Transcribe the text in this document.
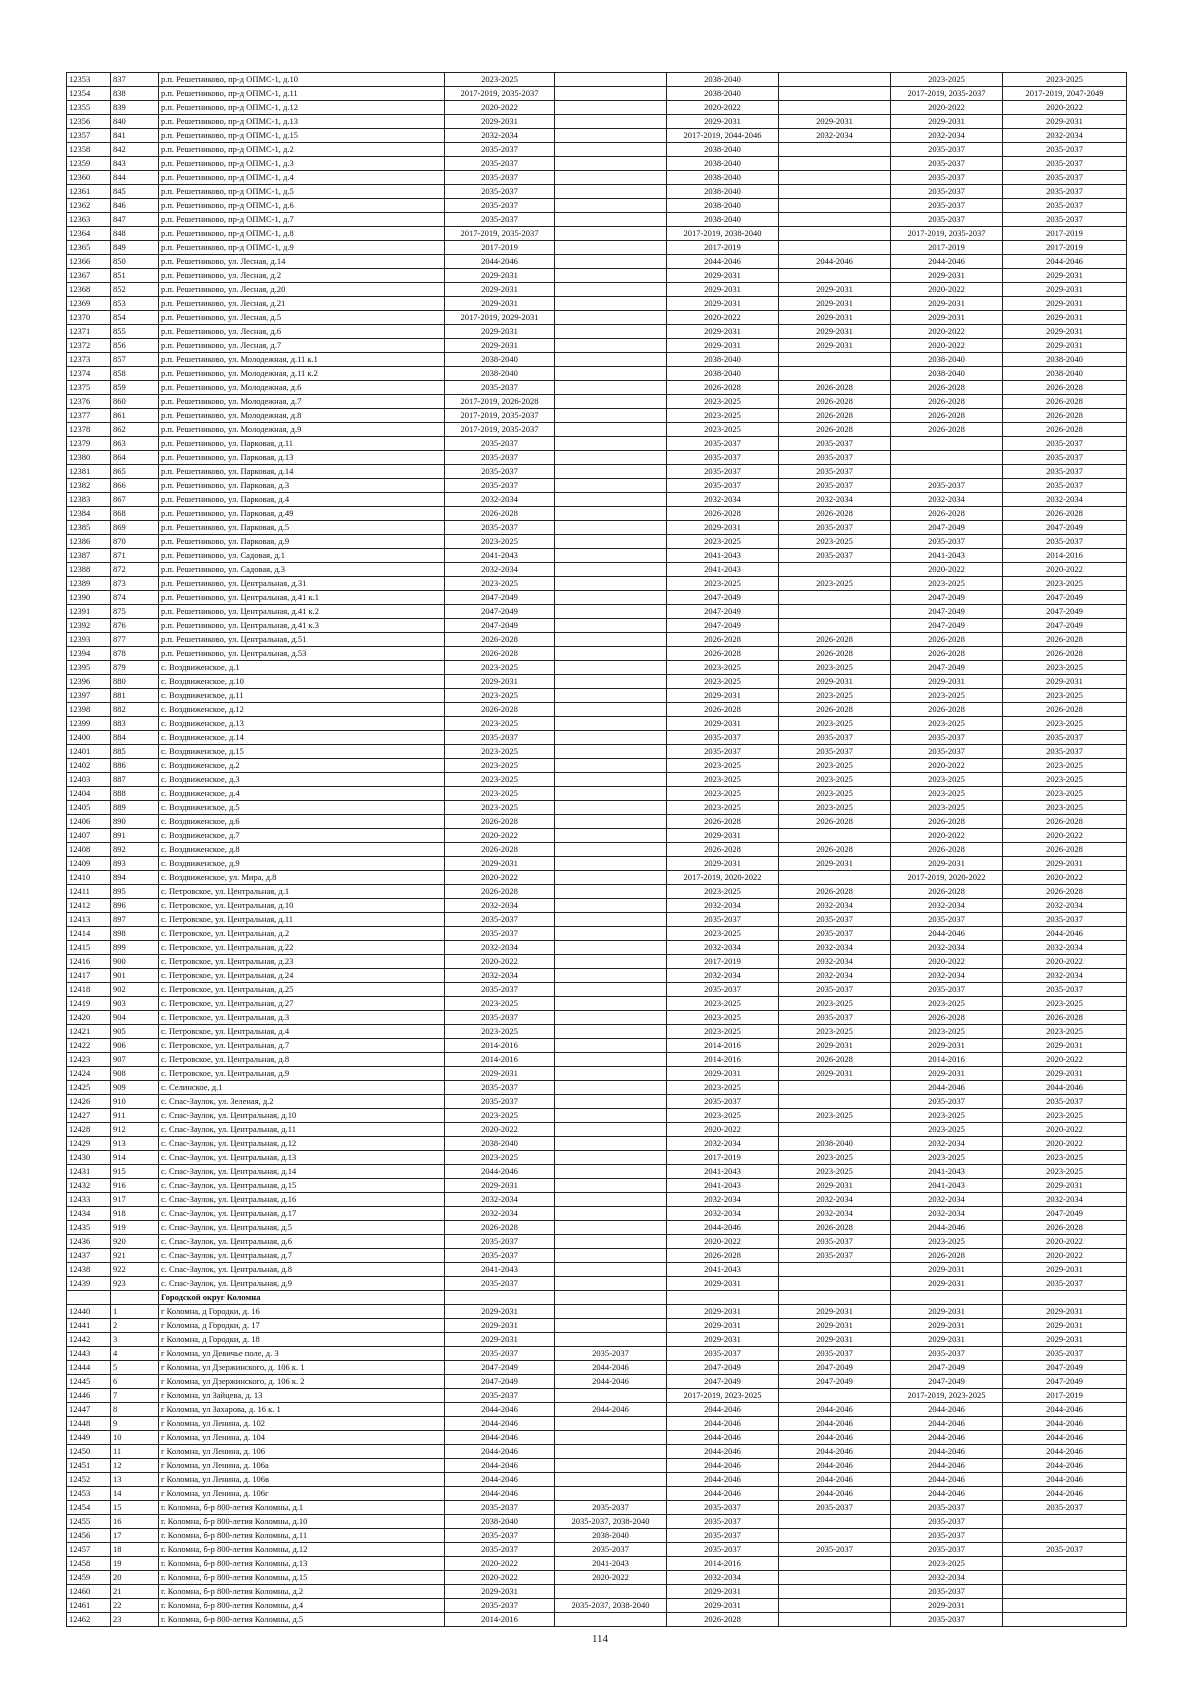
12353	837	р.п. Решетниково, пр-д ОПМС-1, д.10	2023-2025		2038-2040		2023-2025	2023-2025
12354	838	р.п. Решетниково, пр-д ОПМС-1, д.11	2017-2019, 2035-2037		2038-2040		2017-2019, 2035-2037	2017-2019, 2047-2049
12355	839	р.п. Решетниково, пр-д ОПМС-1, д.12	2020-2022		2020-2022		2020-2022	2020-2022
12356	840	р.п. Решетниково, пр-д ОПМС-1, д.13	2029-2031		2029-2031	2029-2031	2029-2031	2029-2031
12357	841	р.п. Решетниково, пр-д ОПМС-1, д.15	2032-2034		2017-2019, 2044-2046	2032-2034	2032-2034	2032-2034
12358	842	р.п. Решетниково, пр-д ОПМС-1, д.2	2035-2037		2038-2040		2035-2037	2035-2037
12359	843	р.п. Решетниково, пр-д ОПМС-1, д.3	2035-2037		2038-2040		2035-2037	2035-2037
12360	844	р.п. Решетниково, пр-д ОПМС-1, д.4	2035-2037		2038-2040		2035-2037	2035-2037
12361	845	р.п. Решетниково, пр-д ОПМС-1, д.5	2035-2037		2038-2040		2035-2037	2035-2037
12362	846	р.п. Решетниково, пр-д ОПМС-1, д.6	2035-2037		2038-2040		2035-2037	2035-2037
12363	847	р.п. Решетниково, пр-д ОПМС-1, д.7	2035-2037		2038-2040		2035-2037	2035-2037
12364	848	р.п. Решетниково, пр-д ОПМС-1, д.8	2017-2019, 2035-2037		2017-2019, 2038-2040		2017-2019, 2035-2037	2017-2019
12365	849	р.п. Решетниково, пр-д ОПМС-1, д.9	2017-2019		2017-2019		2017-2019	2017-2019
12366	850	р.п. Решетниково, ул. Лесная, д.14	2044-2046		2044-2046	2044-2046	2044-2046	2044-2046
12367	851	р.п. Решетниково, ул. Лесная, д.2	2029-2031		2029-2031		2029-2031	2029-2031
12368	852	р.п. Решетниково, ул. Лесная, д.20	2029-2031		2029-2031	2029-2031	2020-2022	2029-2031
12369	853	р.п. Решетниково, ул. Лесная, д.21	2029-2031		2029-2031	2029-2031	2029-2031	2029-2031
12370	854	р.п. Решетниково, ул. Лесная, д.5	2017-2019, 2029-2031		2020-2022	2029-2031	2029-2031	2029-2031
12371	855	р.п. Решетниково, ул. Лесная, д.6	2029-2031		2029-2031	2029-2031	2020-2022	2029-2031
12372	856	р.п. Решетниково, ул. Лесная, д.7	2029-2031		2029-2031	2029-2031	2020-2022	2029-2031
12373	857	р.п. Решетниково, ул. Молодежная, д.11 к.1	2038-2040		2038-2040		2038-2040	2038-2040
12374	858	р.п. Решетниково, ул. Молодежная, д.11 к.2	2038-2040		2038-2040		2038-2040	2038-2040
12375	859	р.п. Решетниково, ул. Молодежная, д.6	2035-2037		2026-2028	2026-2028	2026-2028	2026-2028
12376	860	р.п. Решетниково, ул. Молодежная, д.7	2017-2019, 2026-2028		2023-2025	2026-2028	2026-2028	2026-2028
12377	861	р.п. Решетниково, ул. Молодежная, д.8	2017-2019, 2035-2037		2023-2025	2026-2028	2026-2028	2026-2028
12378	862	р.п. Решетниково, ул. Молодежная, д.9	2017-2019, 2035-2037		2023-2025	2026-2028	2026-2028	2026-2028
12379	863	р.п. Решетниково, ул. Парковая, д.11	2035-2037		2035-2037	2035-2037		2035-2037
12380	864	р.п. Решетниково, ул. Парковая, д.13	2035-2037		2035-2037	2035-2037		2035-2037
12381	865	р.п. Решетниково, ул. Парковая, д.14	2035-2037		2035-2037	2035-2037		2035-2037
12382	866	р.п. Решетниково, ул. Парковая, д.3	2035-2037		2035-2037	2035-2037	2035-2037	2035-2037
12383	867	р.п. Решетниково, ул. Парковая, д.4	2032-2034		2032-2034	2032-2034	2032-2034	2032-2034
12384	868	р.п. Решетниково, ул. Парковая, д.49	2026-2028		2026-2028	2026-2028	2026-2028	2026-2028
12385	869	р.п. Решетниково, ул. Парковая, д.5	2035-2037		2029-2031	2035-2037	2047-2049	2047-2049
12386	870	р.п. Решетниково, ул. Парковая, д.9	2023-2025		2023-2025	2023-2025	2035-2037	2035-2037
12387	871	р.п. Решетниково, ул. Садовая, д.1	2041-2043		2041-2043	2035-2037	2041-2043	2014-2016
12388	872	р.п. Решетниково, ул. Садовая, д.3	2032-2034		2041-2043		2020-2022	2020-2022
12389	873	р.п. Решетниково, ул. Центральная, д.31	2023-2025		2023-2025	2023-2025	2023-2025	2023-2025
12390	874	р.п. Решетниково, ул. Центральная, д.41 к.1	2047-2049		2047-2049		2047-2049	2047-2049
12391	875	р.п. Решетниково, ул. Центральная, д.41 к.2	2047-2049		2047-2049		2047-2049	2047-2049
12392	876	р.п. Решетниково, ул. Центральная, д.41 к.3	2047-2049		2047-2049		2047-2049	2047-2049
12393	877	р.п. Решетниково, ул. Центральная, д.51	2026-2028		2026-2028	2026-2028	2026-2028	2026-2028
12394	878	р.п. Решетниково, ул. Центральная, д.53	2026-2028		2026-2028	2026-2028	2026-2028	2026-2028
12395	879	с. Воздвиженское, д.1	2023-2025		2023-2025	2023-2025	2047-2049	2023-2025
12396	880	с. Воздвиженское, д.10	2029-2031		2023-2025	2029-2031	2029-2031	2029-2031
12397	881	с. Воздвиженское, д.11	2023-2025		2029-2031	2023-2025	2023-2025	2023-2025
12398	882	с. Воздвиженское, д.12	2026-2028		2026-2028	2026-2028	2026-2028	2026-2028
12399	883	с. Воздвиженское, д.13	2023-2025		2029-2031	2023-2025	2023-2025	2023-2025
12400	884	с. Воздвиженское, д.14	2035-2037		2035-2037	2035-2037	2035-2037	2035-2037
12401	885	с. Воздвиженское, д.15	2023-2025		2035-2037	2035-2037	2035-2037	2035-2037
12402	886	с. Воздвиженское, д.2	2023-2025		2023-2025	2023-2025	2020-2022	2023-2025
12403	887	с. Воздвиженское, д.3	2023-2025		2023-2025	2023-2025	2023-2025	2023-2025
12404	888	с. Воздвиженское, д.4	2023-2025		2023-2025	2023-2025	2023-2025	2023-2025
12405	889	с. Воздвиженское, д.5	2023-2025		2023-2025	2023-2025	2023-2025	2023-2025
12406	890	с. Воздвиженское, д.6	2026-2028		2026-2028	2026-2028	2026-2028	2026-2028
12407	891	с. Воздвиженское, д.7	2020-2022		2029-2031		2020-2022	2020-2022
12408	892	с. Воздвиженское, д.8	2026-2028		2026-2028	2026-2028	2026-2028	2026-2028
12409	893	с. Воздвиженское, д.9	2029-2031		2029-2031	2029-2031	2029-2031	2029-2031
12410	894	с. Воздвиженское, ул. Мира, д.8	2020-2022		2017-2019, 2020-2022		2017-2019, 2020-2022	2020-2022
12411	895	с. Петровское, ул. Центральная, д.1	2026-2028		2023-2025	2026-2028	2026-2028	2026-2028
12412	896	с. Петровское, ул. Центральная, д.10	2032-2034		2032-2034	2032-2034	2032-2034	2032-2034
12413	897	с. Петровское, ул. Центральная, д.11	2035-2037		2035-2037	2035-2037	2035-2037	2035-2037
12414	898	с. Петровское, ул. Центральная, д.2	2035-2037		2023-2025	2035-2037	2044-2046	2044-2046
12415	899	с. Петровское, ул. Центральная, д.22	2032-2034		2032-2034	2032-2034	2032-2034	2032-2034
12416	900	с. Петровское, ул. Центральная, д.23	2020-2022		2017-2019	2032-2034	2020-2022	2020-2022
12417	901	с. Петровское, ул. Центральная, д.24	2032-2034		2032-2034	2032-2034	2032-2034	2032-2034
12418	902	с. Петровское, ул. Центральная, д.25	2035-2037		2035-2037	2035-2037	2035-2037	2035-2037
12419	903	с. Петровское, ул. Центральная, д.27	2023-2025		2023-2025	2023-2025	2023-2025	2023-2025
12420	904	с. Петровское, ул. Центральная, д.3	2035-2037		2023-2025	2035-2037	2026-2028	2026-2028
12421	905	с. Петровское, ул. Центральная, д.4	2023-2025		2023-2025	2023-2025	2023-2025	2023-2025
12422	906	с. Петровское, ул. Центральная, д.7	2014-2016		2014-2016	2029-2031	2029-2031	2029-2031
12423	907	с. Петровское, ул. Центральная, д.8	2014-2016		2014-2016	2026-2028	2014-2016	2020-2022
12424	908	с. Петровское, ул. Центральная, д.9	2029-2031		2029-2031	2029-2031	2029-2031	2029-2031
12425	909	с. Селинское, д.1	2035-2037		2023-2025		2044-2046	2044-2046
12426	910	с. Спас-Заулок, ул. Зеленая, д.2	2035-2037		2035-2037		2035-2037	2035-2037
12427	911	с. Спас-Заулок, ул. Центральная, д.10	2023-2025		2023-2025	2023-2025	2023-2025	2023-2025
12428	912	с. Спас-Заулок, ул. Центральная, д.11	2020-2022		2020-2022		2023-2025	2020-2022
12429	913	с. Спас-Заулок, ул. Центральная, д.12	2038-2040		2032-2034	2038-2040	2032-2034	2020-2022
12430	914	с. Спас-Заулок, ул. Центральная, д.13	2023-2025		2017-2019	2023-2025	2023-2025	2023-2025
12431	915	с. Спас-Заулок, ул. Центральная, д.14	2044-2046		2041-2043	2023-2025	2041-2043	2023-2025
12432	916	с. Спас-Заулок, ул. Центральная, д.15	2029-2031		2041-2043	2029-2031	2041-2043	2029-2031
12433	917	с. Спас-Заулок, ул. Центральная, д.16	2032-2034		2032-2034	2032-2034	2032-2034	2032-2034
12434	918	с. Спас-Заулок, ул. Центральная, д.17	2032-2034		2032-2034	2032-2034	2032-2034	2047-2049
12435	919	с. Спас-Заулок, ул. Центральная, д.5	2026-2028		2044-2046	2026-2028	2044-2046	2026-2028
12436	920	с. Спас-Заулок, ул. Центральная, д.6	2035-2037		2020-2022	2035-2037	2023-2025	2020-2022
12437	921	с. Спас-Заулок, ул. Центральная, д.7	2035-2037		2026-2028	2035-2037	2026-2028	2020-2022
12438	922	с. Спас-Заулок, ул. Центральная, д.8	2041-2043		2041-2043		2029-2031	2029-2031
12439	923	с. Спас-Заулок, ул. Центральная, д.9	2035-2037		2029-2031		2029-2031	2035-2037
		Городской округ Коломна						
12440	1	г Коломна, д Городки, д. 16	2029-2031		2029-2031	2029-2031	2029-2031	2029-2031
12441	2	г Коломна, д Городки, д. 17	2029-2031		2029-2031	2029-2031	2029-2031	2029-2031
12442	3	г Коломна, д Городки, д. 18	2029-2031		2029-2031	2029-2031	2029-2031	2029-2031
12443	4	г Коломна, ул Девичье поле, д. 3	2035-2037	2035-2037	2035-2037	2035-2037	2035-2037	2035-2037
12444	5	г Коломна, ул Дзержинского, д. 106 к. 1	2047-2049	2044-2046	2047-2049	2047-2049	2047-2049	2047-2049
12445	6	г Коломна, ул Дзержинского, д. 106 к. 2	2047-2049	2044-2046	2047-2049	2047-2049	2047-2049	2047-2049
12446	7	г Коломна, ул Зайцева, д. 13	2035-2037		2017-2019, 2023-2025		2017-2019, 2023-2025	2017-2019
12447	8	г Коломна, ул Захарова, д. 16 к. 1	2044-2046	2044-2046	2044-2046	2044-2046	2044-2046	2044-2046
12448	9	г Коломна, ул Ленина, д. 102	2044-2046		2044-2046	2044-2046	2044-2046	2044-2046
12449	10	г Коломна, ул Ленина, д. 104	2044-2046		2044-2046	2044-2046	2044-2046	2044-2046
12450	11	г Коломна, ул Ленина, д. 106	2044-2046		2044-2046	2044-2046	2044-2046	2044-2046
12451	12	г Коломна, ул Ленина, д. 106а	2044-2046		2044-2046	2044-2046	2044-2046	2044-2046
12452	13	г Коломна, ул Ленина, д. 106в	2044-2046		2044-2046	2044-2046	2044-2046	2044-2046
12453	14	г Коломна, ул Ленина, д. 106г	2044-2046		2044-2046	2044-2046	2044-2046	2044-2046
12454	15	г. Коломна, б-р 800-летия Коломны, д.1	2035-2037	2035-2037	2035-2037	2035-2037	2035-2037	2035-2037
12455	16	г. Коломна, б-р 800-летия Коломны, д.10	2038-2040	2035-2037, 2038-2040	2035-2037		2035-2037	
12456	17	г. Коломна, б-р 800-летия Коломны, д.11	2035-2037	2038-2040	2035-2037		2035-2037	
12457	18	г. Коломна, б-р 800-летия Коломны, д.12	2035-2037	2035-2037	2035-2037	2035-2037	2035-2037	2035-2037
12458	19	г. Коломна, б-р 800-летия Коломны, д.13	2020-2022	2041-2043	2014-2016		2023-2025	
12459	20	г. Коломна, б-р 800-летия Коломны, д.15	2020-2022	2020-2022	2032-2034		2032-2034	
12460	21	г. Коломна, б-р 800-летия Коломны, д.2	2029-2031		2029-2031		2035-2037	
12461	22	г. Коломна, б-р 800-летия Коломны, д.4	2035-2037	2035-2037, 2038-2040	2029-2031		2029-2031	
12462	23	г. Коломна, б-р 800-летия Коломны, д.5	2014-2016		2026-2028		2035-2037	
114
